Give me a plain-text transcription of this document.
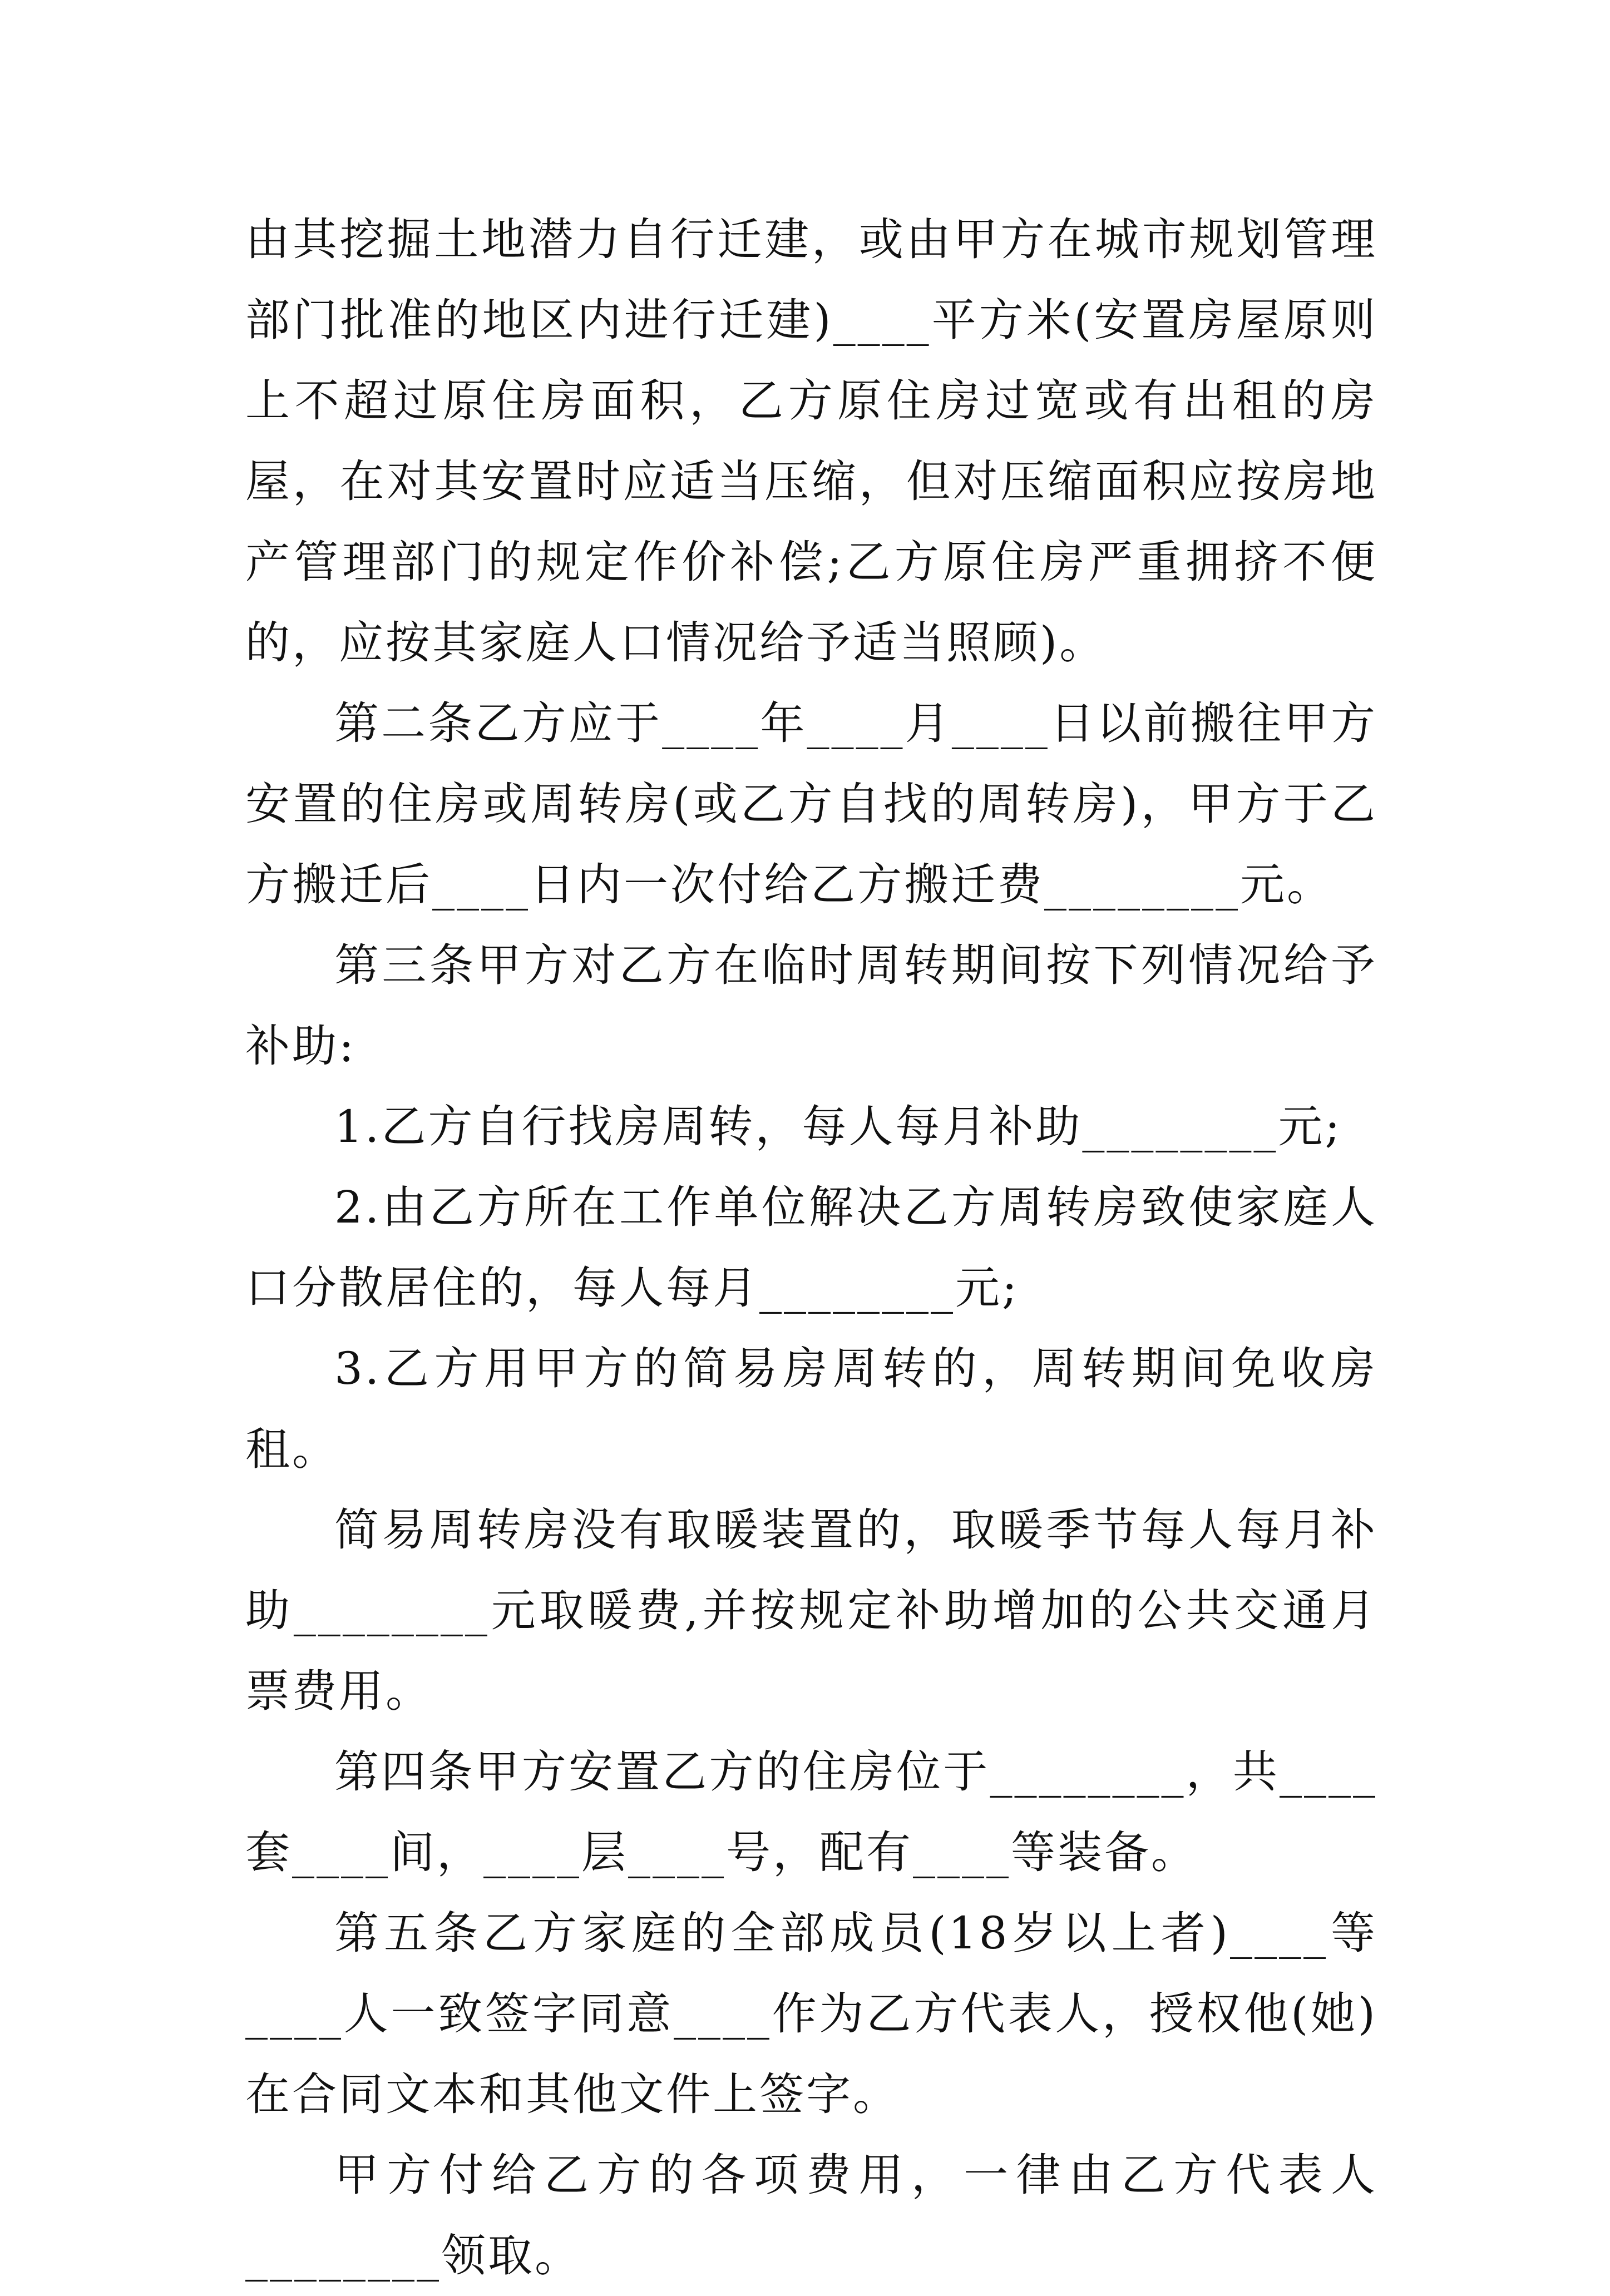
由其挖掘土地潜力自行迁建，或由甲方在城市规划管理部门批准的地区内进行迁建)____平方米(安置房屋原则上不超过原住房面积，乙方原住房过宽或有出租的房屋，在对其安置时应适当压缩，但对压缩面积应按房地产管理部门的规定作价补偿;乙方原住房严重拥挤不便的，应按其家庭人口情况给予适当照顾)。

第二条乙方应于____年____月____日以前搬往甲方安置的住房或周转房(或乙方自找的周转房)，甲方于乙方搬迁后____日内一次付给乙方搬迁费________元。

第三条甲方对乙方在临时周转期间按下列情况给予补助:

1.乙方自行找房周转，每人每月补助________元;

2.由乙方所在工作单位解决乙方周转房致使家庭人口分散居住的，每人每月________元;

3.乙方用甲方的简易房周转的，周转期间免收房租。

简易周转房没有取暖装置的，取暖季节每人每月补助________元取暖费,并按规定补助增加的公共交通月票费用。

第四条甲方安置乙方的住房位于________，共____套____间，____层____号，配有____等装备。

第五条乙方家庭的全部成员(18岁以上者)____等____人一致签字同意____作为乙方代表人，授权他(她)在合同文本和其他文件上签字。

甲方付给乙方的各项费用，一律由乙方代表人________领取。
